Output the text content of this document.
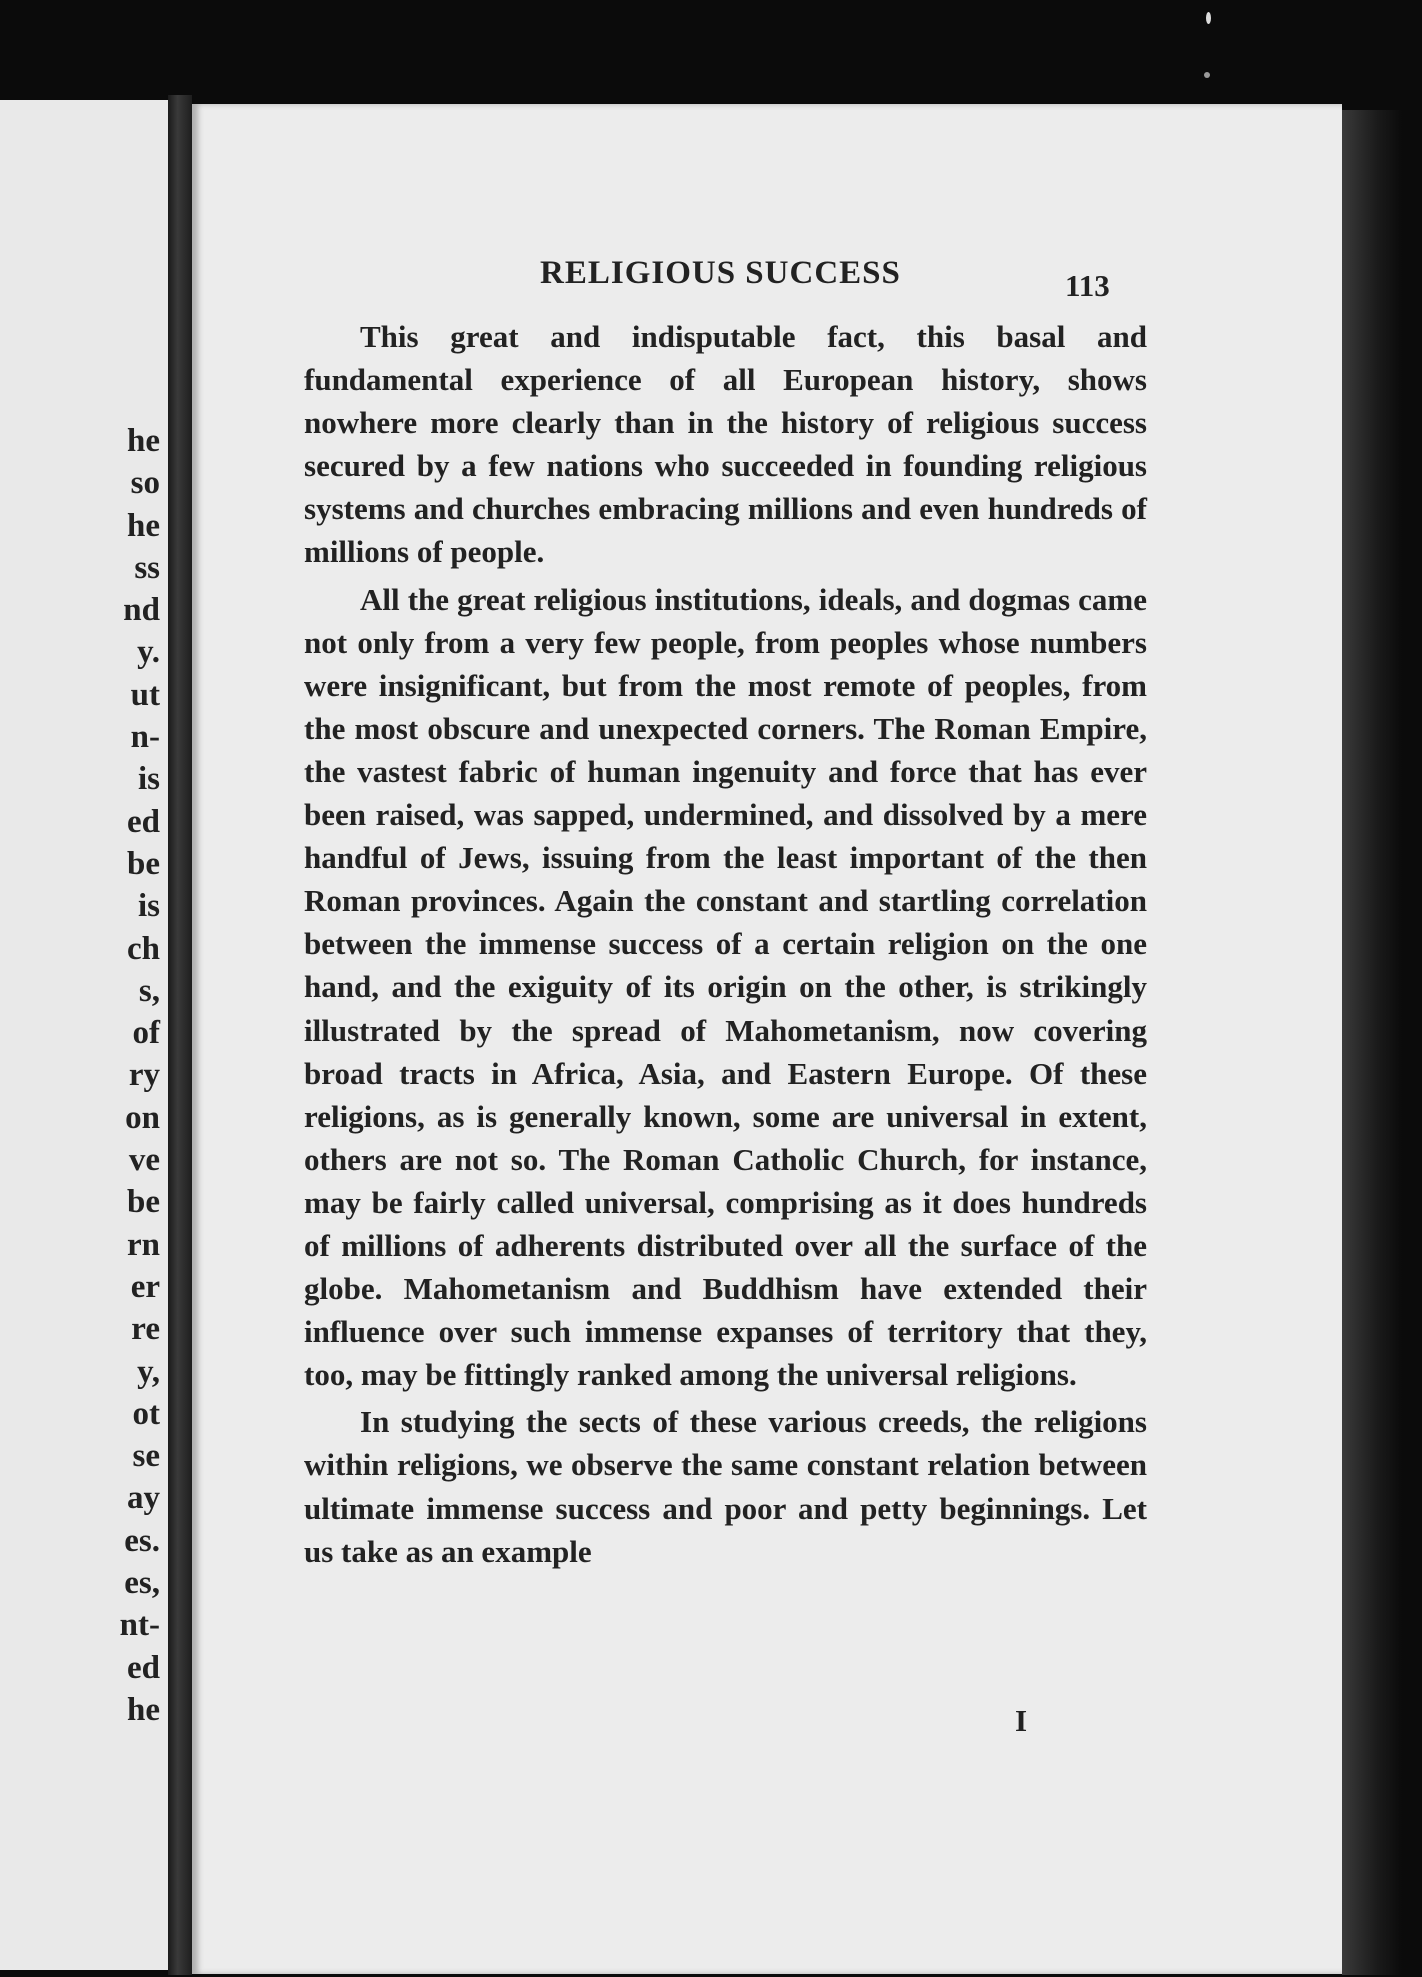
he
so
he
ss
nd
y.
ut
n-
is
ed
be
is
ch
s,
of
ry
on
ve
be
rn
er
re
y,
ot
se
ay
es.
es,
nt-
ed
he
RELIGIOUS SUCCESS	113

This great and indisputable fact, this basal and fundamental experience of all European history, shows nowhere more clearly than in the history of religious success secured by a few nations who succeeded in founding religious systems and churches embracing millions and even hundreds of millions of people.

All the great religious institutions, ideals, and dogmas came not only from a very few people, from peoples whose numbers were insignificant, but from the most remote of peoples, from the most obscure and unexpected corners. The Roman Empire, the vastest fabric of human ingenuity and force that has ever been raised, was sapped, undermined, and dissolved by a mere handful of Jews, issuing from the least important of the then Roman provinces. Again the constant and startling correlation between the immense success of a certain religion on the one hand, and the exiguity of its origin on the other, is strikingly illustrated by the spread of Mahometanism, now covering broad tracts in Africa, Asia, and Eastern Europe. Of these religions, as is generally known, some are universal in extent, others are not so. The Roman Catholic Church, for instance, may be fairly called universal, comprising as it does hundreds of millions of adherents distributed over all the surface of the globe. Mahometanism and Buddhism have extended their influence over such immense expanses of territory that they, too, may be fittingly ranked among the universal religions.

In studying the sects of these various creeds, the religions within religions, we observe the same constant relation between ultimate immense success and poor and petty beginnings. Let us take as an example

I
